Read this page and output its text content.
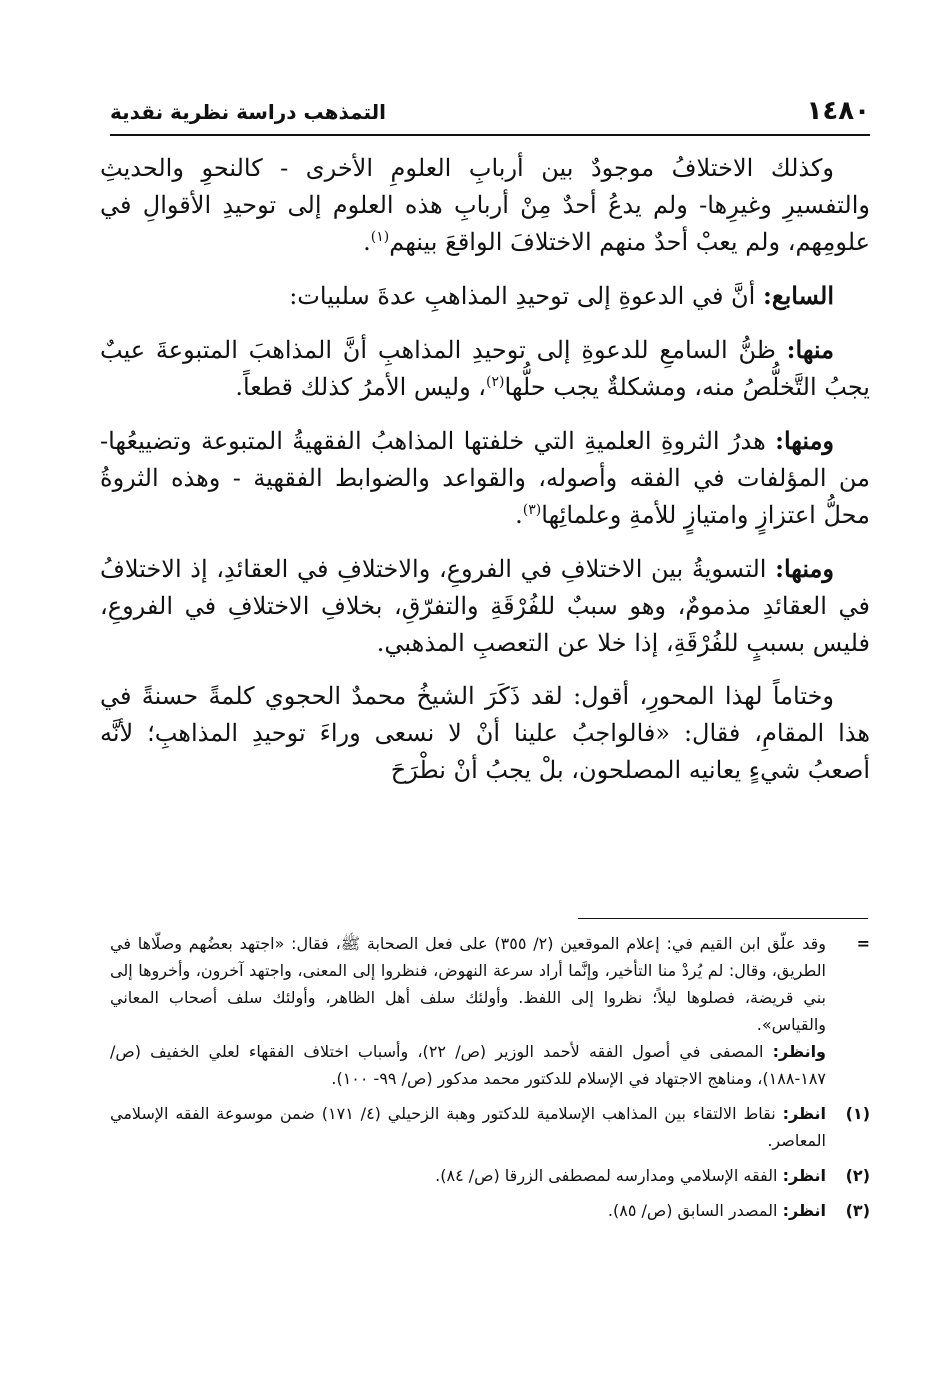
١٤٨٠
التمذهب دراسة نظرية نقدية

وكذلك الاختلافُ موجودٌ بين أربابِ العلومِ الأخرى - كالنحوِ والحديثِ والتفسيرِ وغيرِها- ولم يدعُ أحدٌ مِنْ أربابِ هذه العلوم إلى توحيدِ الأقوالِ في علومِهم، ولم يعبْ أحدٌ منهم الاختلافَ الواقعَ بينهم$^{(١)}$.

السابع: أنَّ في الدعوةِ إلى توحيدِ المذاهبِ عدةَ سلبيات:

منها: ظنُّ السامعِ للدعوةِ إلى توحيدِ المذاهبِ أنَّ المذاهبَ المتبوعةَ عيبٌ يجبُ التَّخلُّصُ منه، ومشكلةٌ يجب حلُّها$^{(٢)}$، وليس الأمرُ كذلك قطعاً.

ومنها: هدرُ الثروةِ العلميةِ التي خلفتها المذاهبُ الفقهيةُ المتبوعة وتضييعُها- من المؤلفات في الفقه وأصوله، والقواعد والضوابط الفقهية - وهذه الثروةُ محلُّ اعتزازٍ وامتيازٍ للأمةِ وعلمائِها$^{(٣)}$.

ومنها: التسويةُ بين الاختلافِ في الفروعِ، والاختلافِ في العقائدِ، إذ الاختلافُ في العقائدِ مذمومٌ، وهو سببٌ للفُرْقَةِ والتفرّقِ، بخلافِ الاختلافِ في الفروعِ، فليس بسببٍ للفُرْقَةِ، إذا خلا عن التعصبِ المذهبي.

وختاماً لهذا المحورِ، أقول: لقد ذَكَرَ الشيخُ محمدٌ الحجوي كلمةً حسنةً في هذا المقامِ، فقال: «فالواجبُ علينا أنْ لا نسعى وراءَ توحيدِ المذاهبِ؛ لأنَّه أصعبُ شيءٍ يعانيه المصلحون، بلْ يجبُ أنْ نطْرَحَ

=

وقد علّق ابن القيم في: إعلام الموقعين (٢/ ٣٥٥) على فعل الصحابة ﷺ، فقال: «اجتهد بعضُهم وصلّاها في الطريق، وقال: لم يُردْ منا التأخير، وإنَّما أراد سرعة النهوض، فنظروا إلى المعنى، واجتهد آخرون، وأخروها إلى بني قريضة، فصلوها ليلاً؛ نظروا إلى اللفظ. وأولئك سلف أهل الظاهر، وأولئك سلف أصحاب المعاني والقياس».

وانظر: المصفى في أصول الفقه لأحمد الوزير (ص/ ٢٢)، وأسباب اختلاف الفقهاء لعلي الخفيف (ص/ ١٨٧-١٨٨)، ومناهج الاجتهاد في الإسلام للدكتور محمد مدكور (ص/ ٩٩- ١٠٠).

(١)
انظر: نقاط الالتقاء بين المذاهب الإسلامية للدكتور وهبة الزحيلي (٤/ ١٧١) ضمن موسوعة الفقه الإسلامي المعاصر.
(٢)
انظر: الفقه الإسلامي ومدارسه لمصطفى الزرقا (ص/ ٨٤).
(٣)
انظر: المصدر السابق (ص/ ٨٥).
